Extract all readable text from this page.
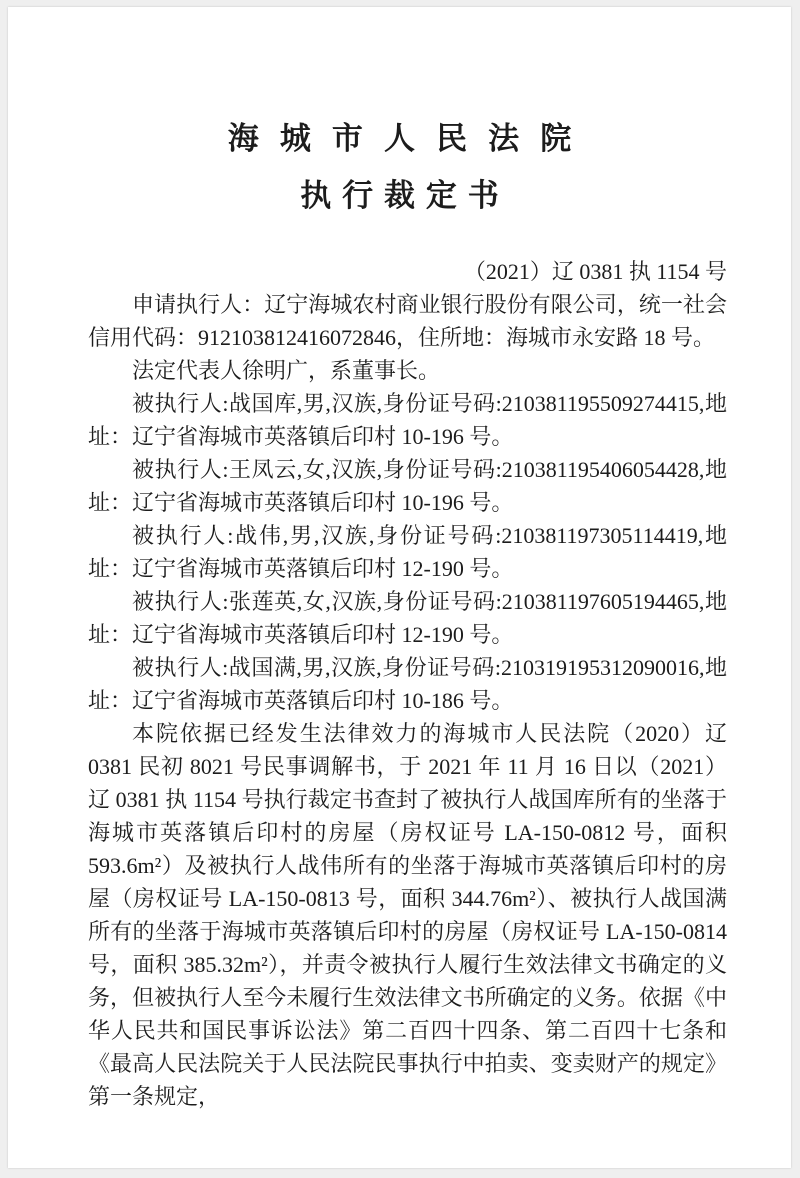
海城市人民法院
执行裁定书
（2021）辽 0381 执 1154 号

申请执行人：辽宁海城农村商业银行股份有限公司，统一社会信用代码：912103812416072846，住所地：海城市永安路 18 号。

法定代表人徐明广，系董事长。

被执行人:战国库,男,汉族,身份证号码:210381195509274415,地址：辽宁省海城市英落镇后印村 10-196 号。

被执行人:王凤云,女,汉族,身份证号码:210381195406054428,地址：辽宁省海城市英落镇后印村 10-196 号。

被执行人:战伟,男,汉族,身份证号码:210381197305114419,地址：辽宁省海城市英落镇后印村 12-190 号。

被执行人:张莲英,女,汉族,身份证号码:210381197605194465,地址：辽宁省海城市英落镇后印村 12-190 号。

被执行人:战国满,男,汉族,身份证号码:210319195312090016,地址：辽宁省海城市英落镇后印村 10-186 号。

本院依据已经发生法律效力的海城市人民法院（2020）辽 0381 民初 8021 号民事调解书，于 2021 年 11 月 16 日以（2021）辽 0381 执 1154 号执行裁定书查封了被执行人战国库所有的坐落于海城市英落镇后印村的房屋（房权证号 LA-150-0812 号，面积 593.6m²）及被执行人战伟所有的坐落于海城市英落镇后印村的房屋（房权证号 LA-150-0813 号，面积 344.76m²）、被执行人战国满所有的坐落于海城市英落镇后印村的房屋（房权证号 LA-150-0814 号，面积 385.32m²），并责令被执行人履行生效法律文书确定的义务，但被执行人至今未履行生效法律文书所确定的义务。依据《中华人民共和国民事诉讼法》第二百四十四条、第二百四十七条和《最高人民法院关于人民法院民事执行中拍卖、变卖财产的规定》第一条规定，
